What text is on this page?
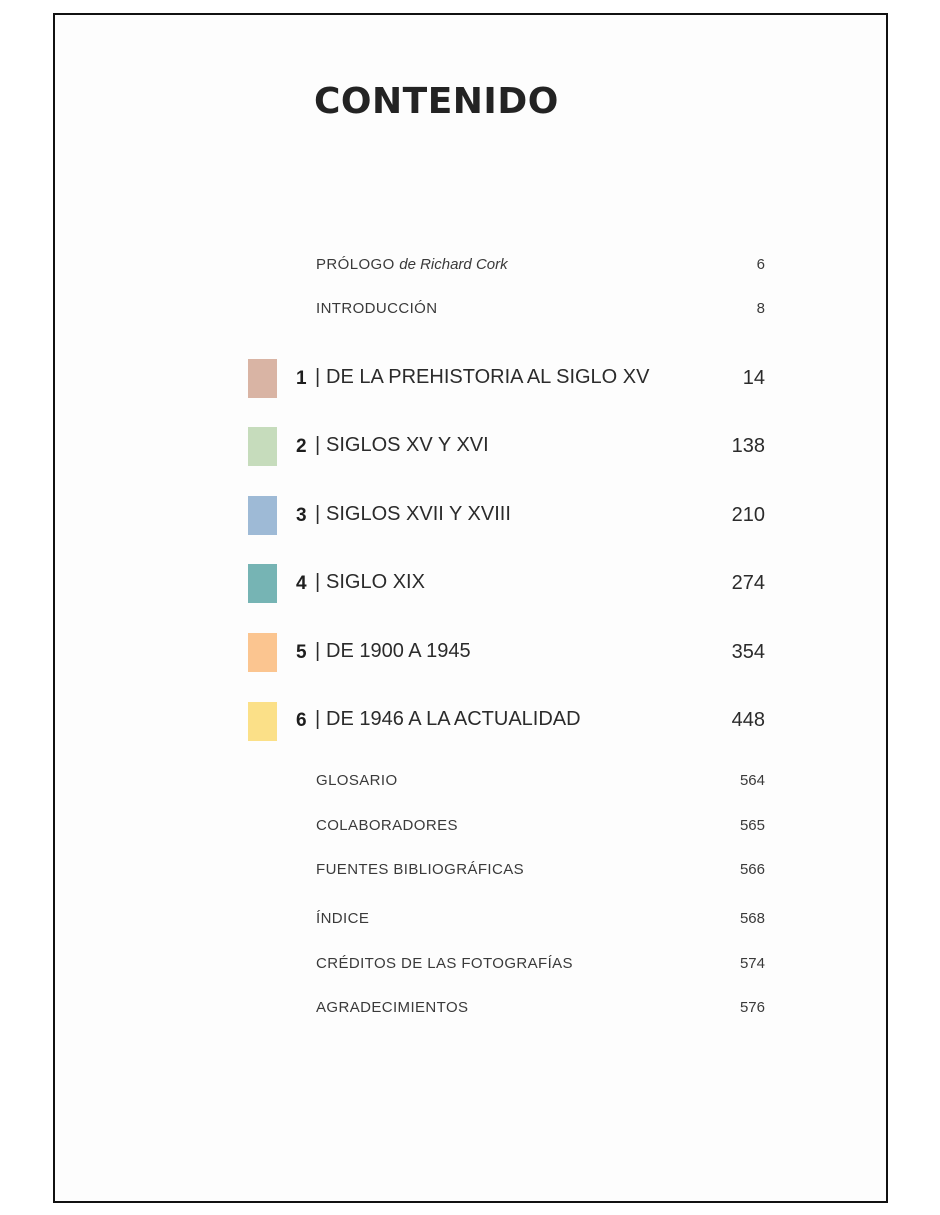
CONTENIDO
PRÓLOGO de Richard Cork	6
INTRODUCCIÓN	8
1 | DE LA PREHISTORIA AL SIGLO XV	14
2 | SIGLOS XV Y XVI	138
3 | SIGLOS XVII Y XVIII	210
4 | SIGLO XIX	274
5 | DE 1900 A 1945	354
6 | DE 1946 A LA ACTUALIDAD	448
GLOSARIO	564
COLABORADORES	565
FUENTES BIBLIOGRÁFICAS	566
ÍNDICE	568
CRÉDITOS DE LAS FOTOGRAFÍAS	574
AGRADECIMIENTOS	576
